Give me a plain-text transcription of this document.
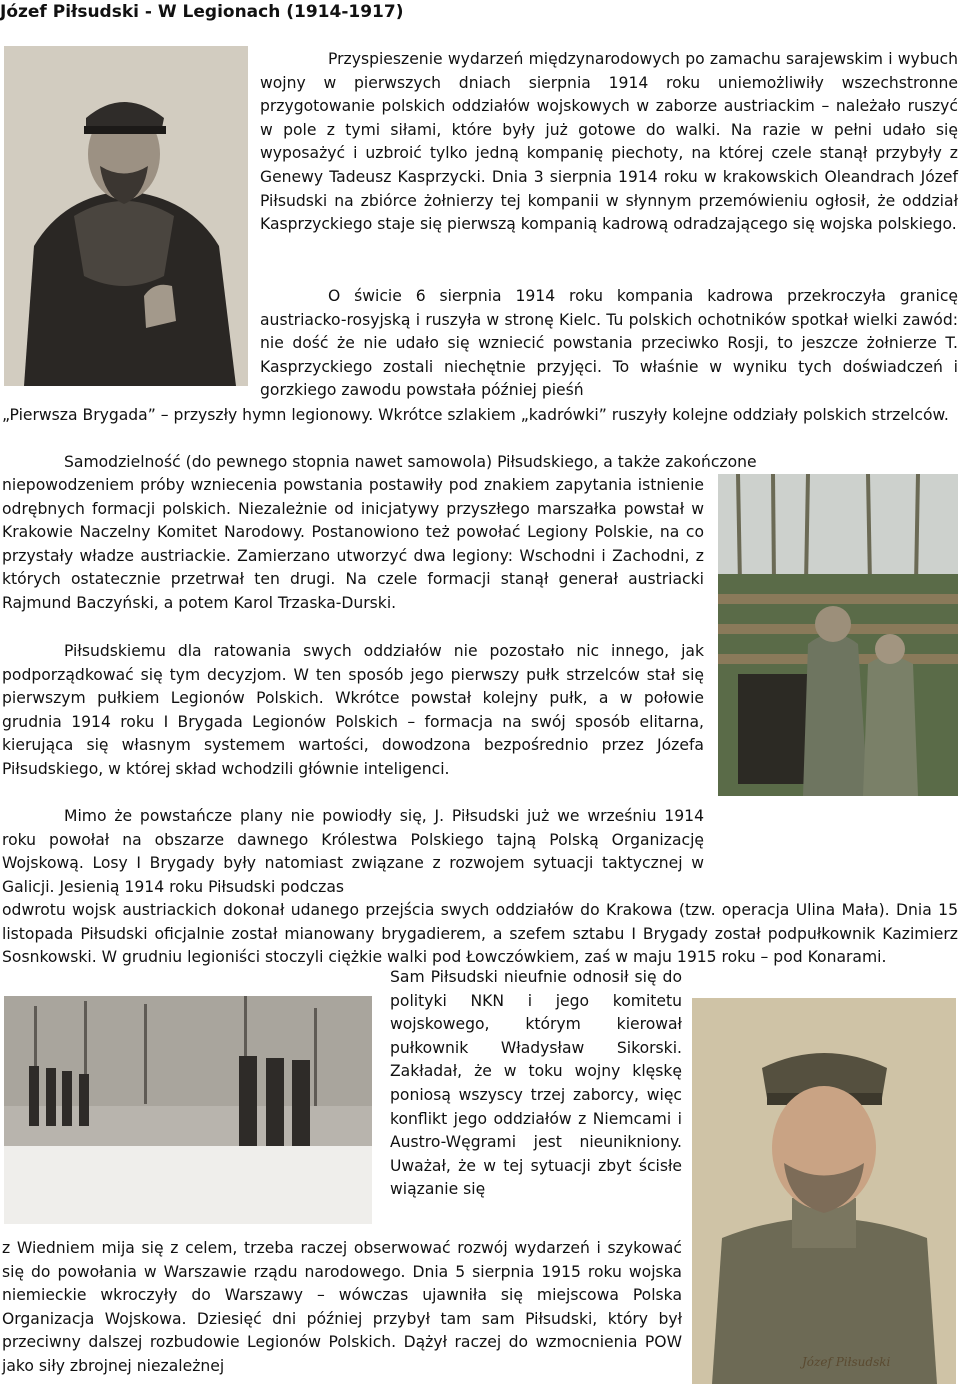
Józef Piłsudski - W Legionach (1914-1917)
Józef Piłsudski

Przyspieszenie wydarzeń międzynarodowych po zamachu sarajewskim i wybuch wojny w pierwszych dniach sierpnia 1914 roku uniemożliwiły wszechstronne przygotowanie polskich oddziałów wojskowych w zaborze austriackim – należało ruszyć w pole z tymi siłami, które były już gotowe do walki. Na razie w pełni udało się wyposażyć i uzbroić tylko jedną kompanię piechoty, na której czele stanął przybyły z Genewy Tadeusz Kasprzycki. Dnia 3 sierpnia 1914 roku w krakowskich Oleandrach Józef Piłsudski na zbiórce żołnierzy tej kompanii w słynnym przemówieniu ogłosił, że oddział Kasprzyckiego staje się pierwszą kompanią kadrową odradzającego się wojska polskiego.

O świcie 6 sierpnia 1914 roku kompania kadrowa przekroczyła granicę austriacko-rosyjską i ruszyła w stronę Kielc. Tu polskich ochotników spotkał wielki zawód: nie dość że nie udało się wzniecić powstania przeciwko Rosji, to jeszcze żołnierze T. Kasprzyckiego zostali niechętnie przyjęci. To właśnie w wyniku tych doświadczeń i gorzkiego zawodu powstała później pieśń

„Pierwsza Brygada” – przyszły hymn legionowy. Wkrótce szlakiem „kadrówki” ruszyły kolejne oddziały polskich strzelców.

Samodzielność (do pewnego stopnia nawet samowola) Piłsudskiego, a także zakończone

niepowodzeniem próby wzniecenia powstania postawiły pod znakiem zapytania istnienie odrębnych formacji polskich. Niezależnie od inicjatywy przyszłego marszałka powstał w Krakowie Naczelny Komitet Narodowy. Postanowiono też powołać Legiony Polskie, na co przystały władze austriackie. Zamierzano utworzyć dwa legiony: Wschodni i Zachodni, z których ostatecznie przetrwał ten drugi. Na czele formacji stanął generał austriacki Rajmund Baczyński, a potem Karol Trzaska-Durski.

Piłsudskiemu dla ratowania swych oddziałów nie pozostało nic innego, jak podporządkować się tym decyzjom. W ten sposób jego pierwszy pułk strzelców stał się pierwszym pułkiem Legionów Polskich. Wkrótce powstał kolejny pułk, a w połowie grudnia 1914 roku I Brygada Legionów Polskich – formacja na swój sposób elitarna, kierująca się własnym systemem wartości, dowodzona bezpośrednio przez Józefa Piłsudskiego, w której skład wchodzili głównie inteligenci.

Mimo że powstańcze plany nie powiodły się, J. Piłsudski już we wrześniu 1914 roku powołał na obszarze dawnego Królestwa Polskiego tajną Polską Organizację Wojskową. Losy I Brygady były natomiast związane z rozwojem sytuacji taktycznej w Galicji. Jesienią 1914 roku Piłsudski podczas

odwrotu wojsk austriackich dokonał udanego przejścia swych oddziałów do Krakowa (tzw. operacja Ulina Mała). Dnia 15 listopada Piłsudski oficjalnie został mianowany brygadierem, a szefem sztabu I Brygady został podpułkownik Kazimierz Sosnkowski. W grudniu legioniści stoczyli ciężkie walki pod Łowczówkiem, zaś w maju 1915 roku – pod Konarami.

Sam Piłsudski nieufnie odnosił się do polityki NKN i jego komitetu wojskowego, którym kierował pułkownik Władysław Sikorski. Zakładał, że w toku wojny klęskę poniosą wszyscy trzej zaborcy, więc konflikt jego oddziałów z Niemcami i Austro-Węgrami jest nieunikniony. Uważał, że w tej sytuacji zbyt ścisłe wiązanie się

z Wiedniem mija się z celem, trzeba raczej obserwować rozwój wydarzeń i szykować się do powołania w Warszawie rządu narodowego. Dnia 5 sierpnia 1915 roku wojska niemieckie wkroczyły do Warszawy – wówczas ujawniła się miejscowa Polska Organizacja Wojskowa. Dziesięć dni później przybył tam sam Piłsudski, który był przeciwny dalszej rozbudowie Legionów Polskich. Dążył raczej do wzmocnienia POW jako siły zbrojnej niezależnej
